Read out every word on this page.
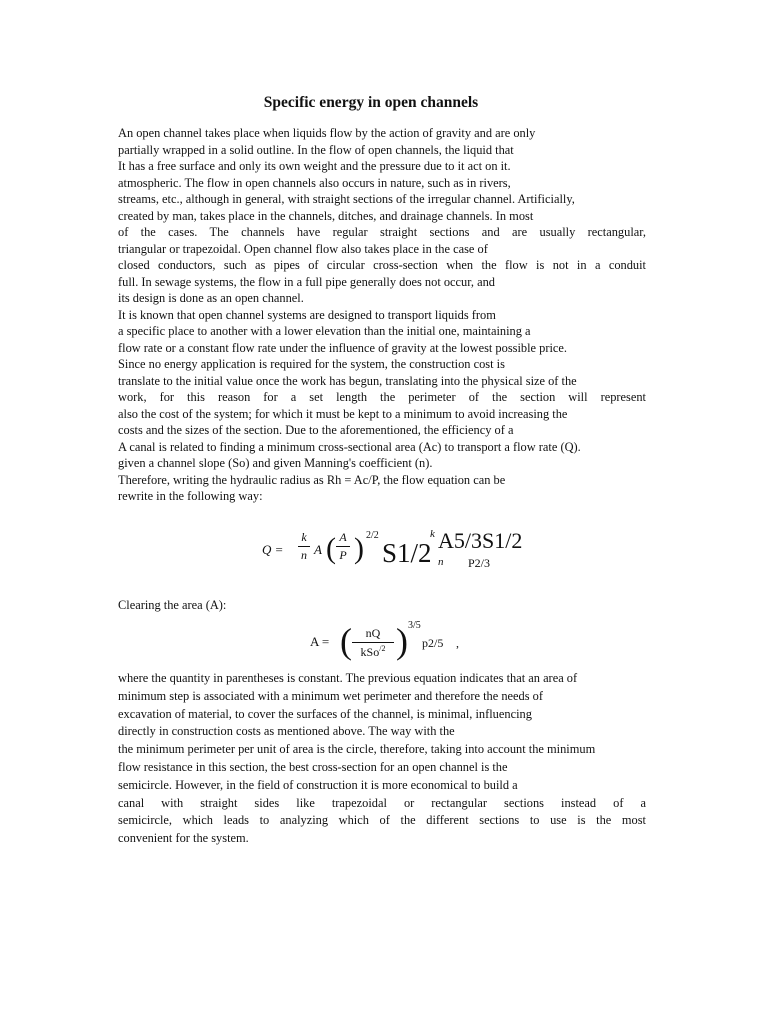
Specific energy in open channels
An open channel takes place when liquids flow by the action of gravity and are only
partially wrapped in a solid outline. In the flow of open channels, the liquid that
It has a free surface and only its own weight and the pressure due to it act on it.
atmospheric. The flow in open channels also occurs in nature, such as in rivers,
streams, etc., although in general, with straight sections of the irregular channel. Artificially,
created by man, takes place in the channels, ditches, and drainage channels. In most
of the cases. The channels have regular straight sections and are usually rectangular,
triangular or trapezoidal. Open channel flow also takes place in the case of
closed conductors, such as pipes of circular cross-section when the flow is not in a conduit
full. In sewage systems, the flow in a full pipe generally does not occur, and
its design is done as an open channel.
It is known that open channel systems are designed to transport liquids from
a specific place to another with a lower elevation than the initial one, maintaining a
flow rate or a constant flow rate under the influence of gravity at the lowest possible price.
Since no energy application is required for the system, the construction cost is
translate to the initial value once the work has begun, translating into the physical size of the
work, for this reason for a set length the perimeter of the section will represent
also the cost of the system; for which it must be kept to a minimum to avoid increasing the
costs and the sizes of the section. Due to the aforementioned, the efficiency of a
A canal is related to finding a minimum cross-sectional area (Ac) to transport a flow rate (Q).
given a channel slope (So) and given Manning's coefficient (n).
Therefore, writing the hydraulic radius as Rh = Ac/P, the flow equation can be
rewrite in the following way:
Q =
k
n A ( A
P ) 2/2
S1/2
k A5/3S1/2
n P2/3
Clearing the area (A):
A = (	nQ
kSo$^{/2}$ ) 3/5
p2/5 ,
where the quantity in parentheses is constant. The previous equation indicates that an area of
minimum step is associated with a minimum wet perimeter and therefore the needs of
excavation of material, to cover the surfaces of the channel, is minimal, influencing
directly in construction costs as mentioned above. The way with the
the minimum perimeter per unit of area is the circle, therefore, taking into account the minimum
flow resistance in this section, the best cross-section for an open channel is the
semicircle. However, in the field of construction it is more economical to build a
canal with straight sides like trapezoidal or rectangular sections instead of a
semicircle, which leads to analyzing which of the different sections to use is the most
convenient for the system.
